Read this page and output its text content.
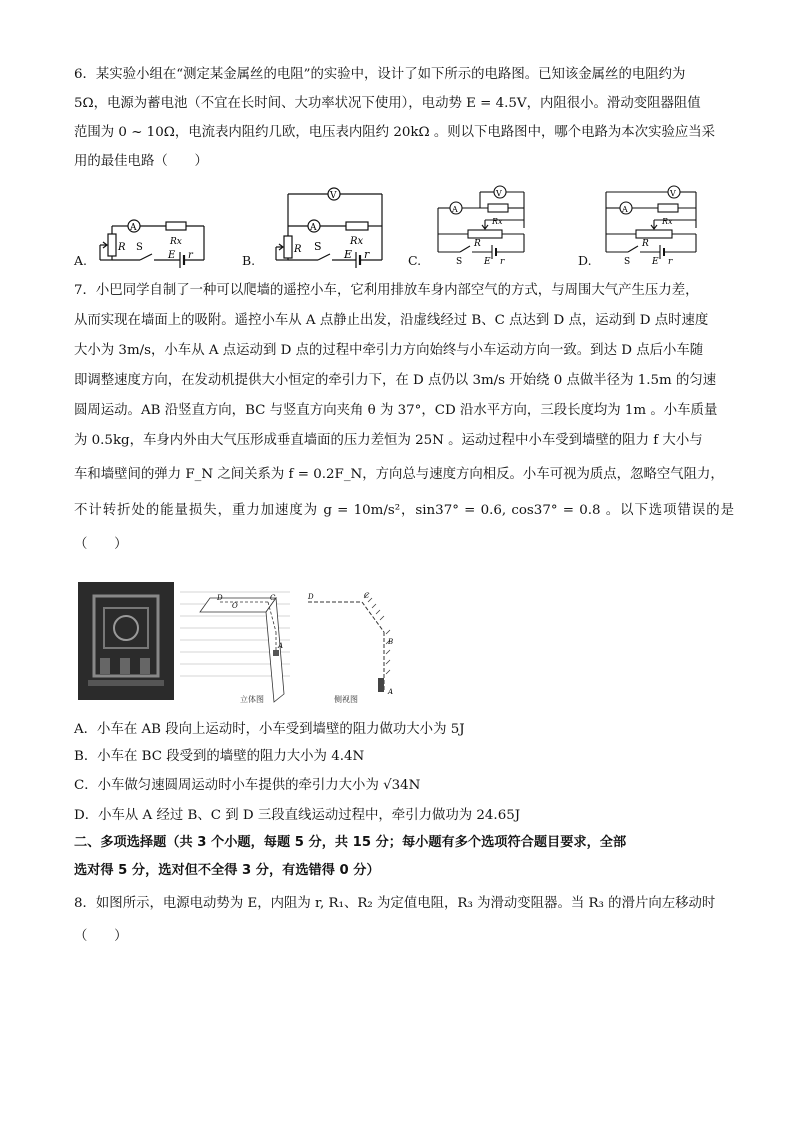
6．某实验小组在“测定某金属丝的电阻”的实验中，设计了如下所示的电路图。已知该金属丝的电阻约为

5Ω，电源为蓄电池（不宜在长时间、大功率状况下使用），电动势 E = 4.5V，内阻很小。滑动变阻器阻值

范围为 0 ~ 10Ω，电流表内阻约几欧，电压表内阻约 20kΩ 。则以下电路图中，哪个电路为本次实验应当采

用的最佳电路（　　）

A.
A
R	Rx
S
E r	B.
V
A
R
Rx
S
E r	C.
V
A
Rx
R
S E r	D.
V
A
Rx
R
S E r

7．小巴同学自制了一种可以爬墙的遥控小车，它利用排放车身内部空气的方式，与周围大气产生压力差，

从而实现在墙面上的吸附。遥控小车从 A 点静止出发，沿虚线经过 B、C 点达到 D 点，运动到 D 点时速度

大小为 3m/s，小车从 A 点运动到 D 点的过程中牵引力方向始终与小车运动方向一致。到达 D 点后小车随

即调整速度方向，在发动机提供大小恒定的牵引力下，在 D 点仍以 3m/s 开始绕 0 点做半径为 1.5m 的匀速

圆周运动。AB 沿竖直方向，BC 与竖直方向夹角 θ 为 37°，CD 沿水平方向，三段长度均为 1m 。小车质量

为 0.5kg，车身内外由大气压形成垂直墙面的压力差恒为 25N 。运动过程中小车受到墙壁的阻力 f 大小与

车和墙壁间的弹力 F_N 之间关系为 f = 0.2F_N，方向总与速度方向相反。小车可视为质点，忽略空气阻力，

不计转折处的能量损失，重力加速度为 g = 10m/s²，sin37° = 0.6, cos37° = 0.8 。以下选项错误的是（　　）

D	C
A
O
立体图
D	C
B
A
侧视图

A．小车在 AB 段向上运动时，小车受到墙壁的阻力做功大小为 5J

B．小车在 BC 段受到的墙壁的阻力大小为 4.4N

C．小车做匀速圆周运动时小车提供的牵引力大小为 √34N

D．小车从 A 经过 B、C 到 D 三段直线运动过程中，牵引力做功为 24.65J

二、多项选择题（共 3 个小题，每题 5 分，共 15 分；每小题有多个选项符合题目要求，全部

选对得 5 分，选对但不全得 3 分，有选错得 0 分）

8．如图所示，电源电动势为 E，内阻为 r, R₁、R₂ 为定值电阻，R₃ 为滑动变阻器。当 R₃ 的滑片向左移动时

（　　）
